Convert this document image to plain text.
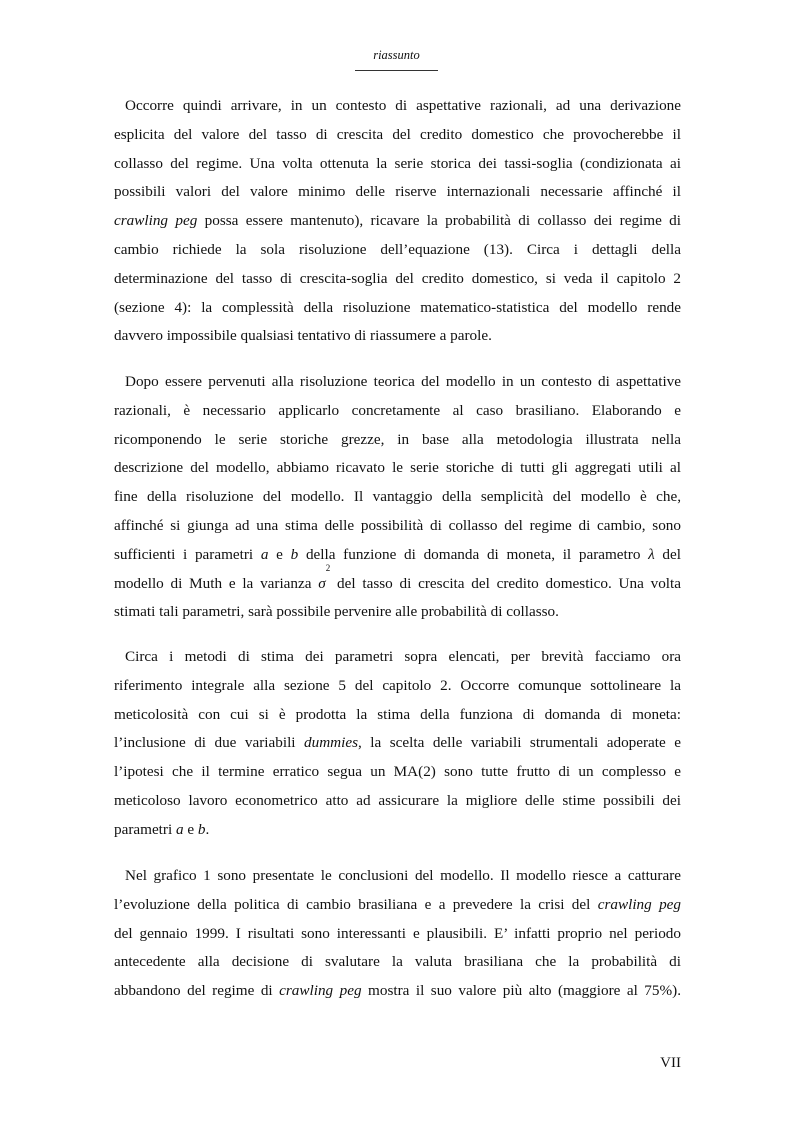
riassunto

Occorre quindi arrivare, in un contesto di aspettative razionali, ad una derivazione
esplicita del valore del tasso di crescita del credito domestico che provocherebbe il
collasso del regime. Una volta ottenuta la serie storica dei tassi-soglia (condizionata ai
possibili valori del valore minimo delle riserve internazionali necessarie affinché il
crawling peg possa essere mantenuto), ricavare la probabilità di collasso dei regime di
cambio richiede la sola risoluzione dell’equazione (13). Circa i dettagli della
determinazione del tasso di crescita-soglia del credito domestico, si veda il capitolo 2
(sezione 4): la complessità della risoluzione matematico-statistica del modello rende
davvero impossibile qualsiasi tentativo di riassumere a parole.

Dopo essere pervenuti alla risoluzione teorica del modello in un contesto di aspettative
razionali, è necessario applicarlo concretamente al caso brasiliano. Elaborando e
ricomponendo le serie storiche grezze, in base alla metodologia illustrata nella
descrizione del modello, abbiamo ricavato le serie storiche di tutti gli aggregati utili al
fine della risoluzione del modello. Il vantaggio della semplicità del modello è che,
affinché si giunga ad una stima delle possibilità di collasso del regime di cambio, sono
sufficienti i parametri a e b della funzione di domanda di moneta, il parametro λ del
modello di Muth e la varianza $\sigma^2$ del tasso di crescita del credito domestico. Una volta
stimati tali parametri, sarà possibile pervenire alle probabilità di collasso.

Circa i metodi di stima dei parametri sopra elencati, per brevità facciamo ora
riferimento integrale alla sezione 5 del capitolo 2. Occorre comunque sottolineare la
meticolosità con cui si è prodotta la stima della funziona di domanda di moneta:
l’inclusione di due variabili dummies, la scelta delle variabili strumentali adoperate e
l’ipotesi che il termine erratico segua un MA(2) sono tutte frutto di un complesso e
meticoloso lavoro econometrico atto ad assicurare la migliore delle stime possibili dei
parametri a e b.

Nel grafico 1 sono presentate le conclusioni del modello. Il modello riesce a catturare
l’evoluzione della politica di cambio brasiliana e a prevedere la crisi del crawling peg
del gennaio 1999. I risultati sono interessanti e plausibili. E’ infatti proprio nel periodo
antecedente alla decisione di svalutare la valuta brasiliana che la probabilità di
abbandono del regime di crawling peg mostra il suo valore più alto (maggiore al 75%).

VII
